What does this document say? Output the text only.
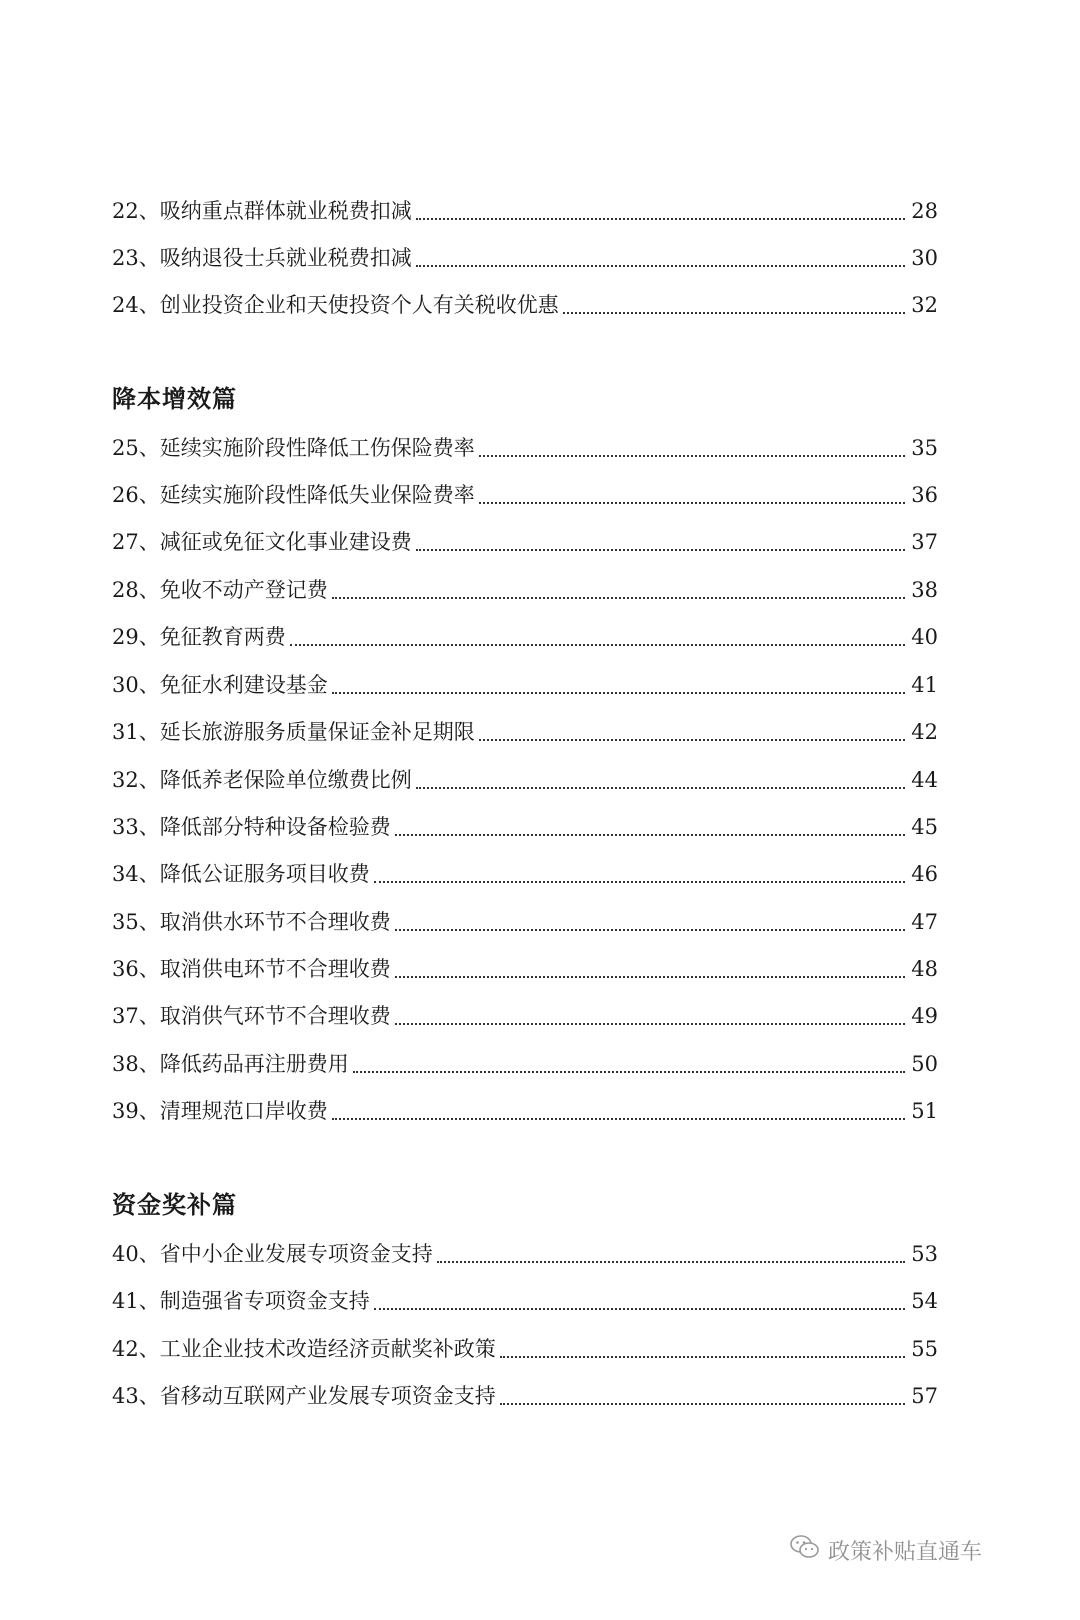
22 、 吸纳重点群体就业税费扣减	28
23 、 吸纳退役士兵就业税费扣减	30
24 、 创业投资企业和天使投资个人有关税收优惠	32
降本增效篇
25 、 延续实施阶段性降低工伤保险费率	35
26 、 延续实施阶段性降低失业保险费率	36
27 、 减征或免征文化事业建设费	37
28 、 免收不动产登记费	38
29 、 免征教育两费	40
30 、 免征水利建设基金	41
31 、 延长旅游服务质量保证金补足期限	42
32 、 降低养老保险单位缴费比例	44
33 、 降低部分特种设备检验费	45
34 、 降低公证服务项目收费	46
35 、 取消供水环节不合理收费	47
36 、 取消供电环节不合理收费	48
37 、 取消供气环节不合理收费	49
38 、 降低药品再注册费用	50
39 、 清理规范口岸收费	51
资金奖补篇
40 、 省中小企业发展专项资金支持	53
41 、 制造强省专项资金支持	54
42 、 工业企业技术改造经济贡献奖补政策	55
43 、 省移动互联网产业发展专项资金支持	57
政策补贴直通车
